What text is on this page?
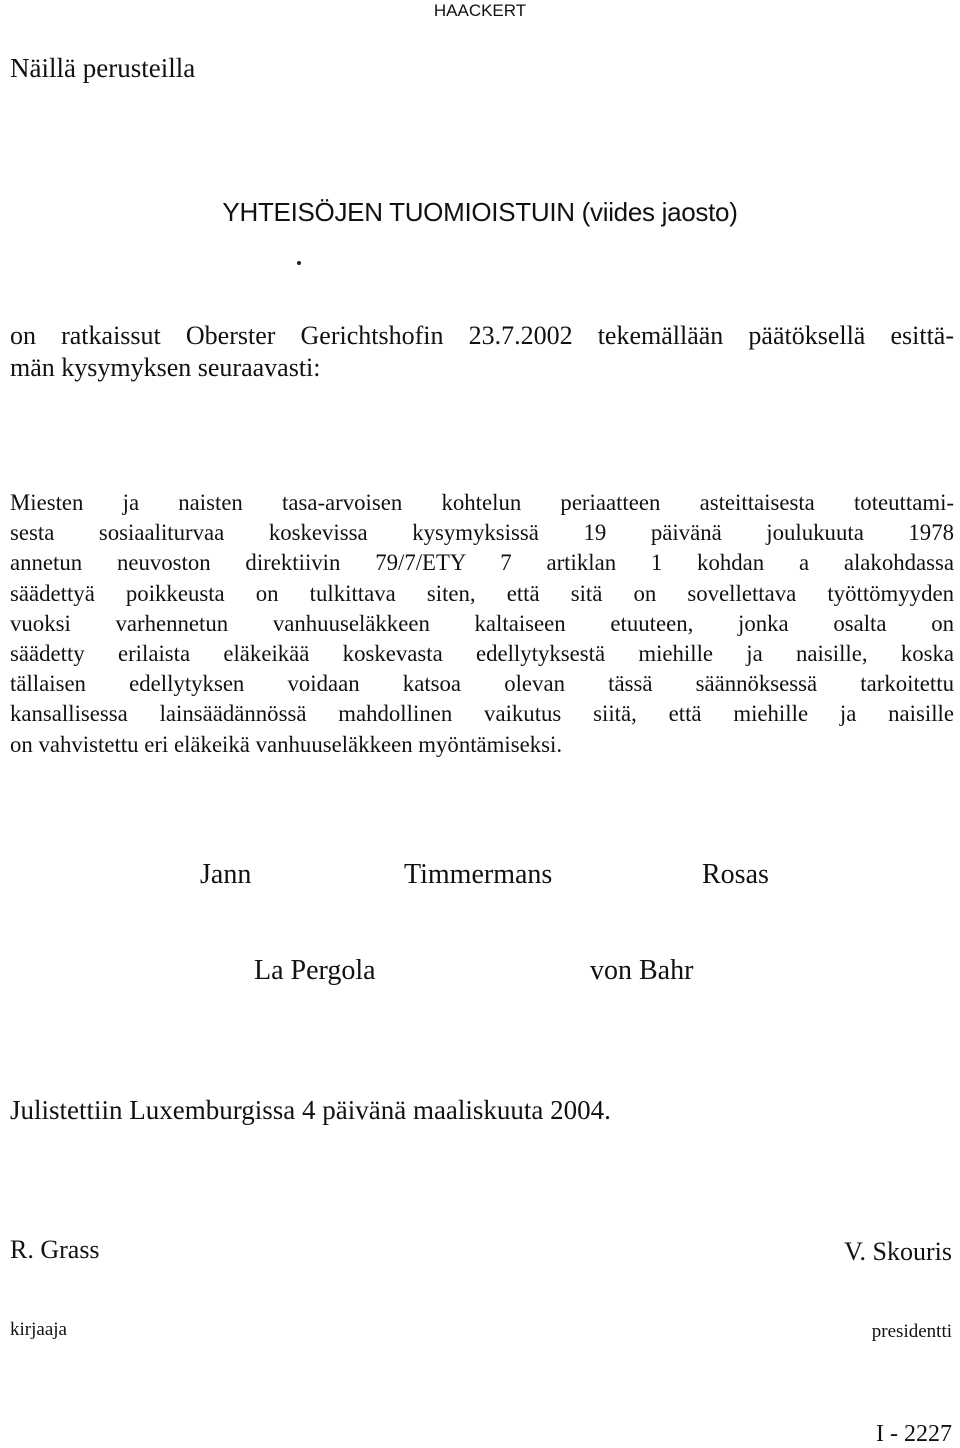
HAACKERT
Näillä perusteilla
YHTEISÖJEN TUOMIOISTUIN (viides jaosto)
on ratkaissut Oberster Gerichtshofin 23.7.2002 tekemällään päätöksellä esittä-
män kysymyksen seuraavasti:
Miesten ja naisten tasa-arvoisen kohtelun periaatteen asteittaisesta toteuttami-
sesta sosiaaliturvaa koskevissa kysymyksissä 19 päivänä joulukuuta 1978
annetun neuvoston direktiivin 79/7/ETY 7 artiklan 1 kohdan a alakohdassa
säädettyä poikkeusta on tulkittava siten, että sitä on sovellettava työttömyyden
vuoksi varhennetun vanhuuseläkkeen kaltaiseen etuuteen, jonka osalta on
säädetty erilaista eläkeikää koskevasta edellytyksestä miehille ja naisille, koska
tällaisen edellytyksen voidaan katsoa olevan tässä säännöksessä tarkoitettu
kansallisessa lainsäädännössä mahdollinen vaikutus siitä, että miehille ja naisille
on vahvistettu eri eläkeikä vanhuuseläkkeen myöntämiseksi.
Jann	Timmermans	Rosas
La Pergola	von Bahr
Julistettiin Luxemburgissa 4 päivänä maaliskuuta 2004.
R. Grass	V. Skouris
kirjaaja	presidentti
I - 2227
